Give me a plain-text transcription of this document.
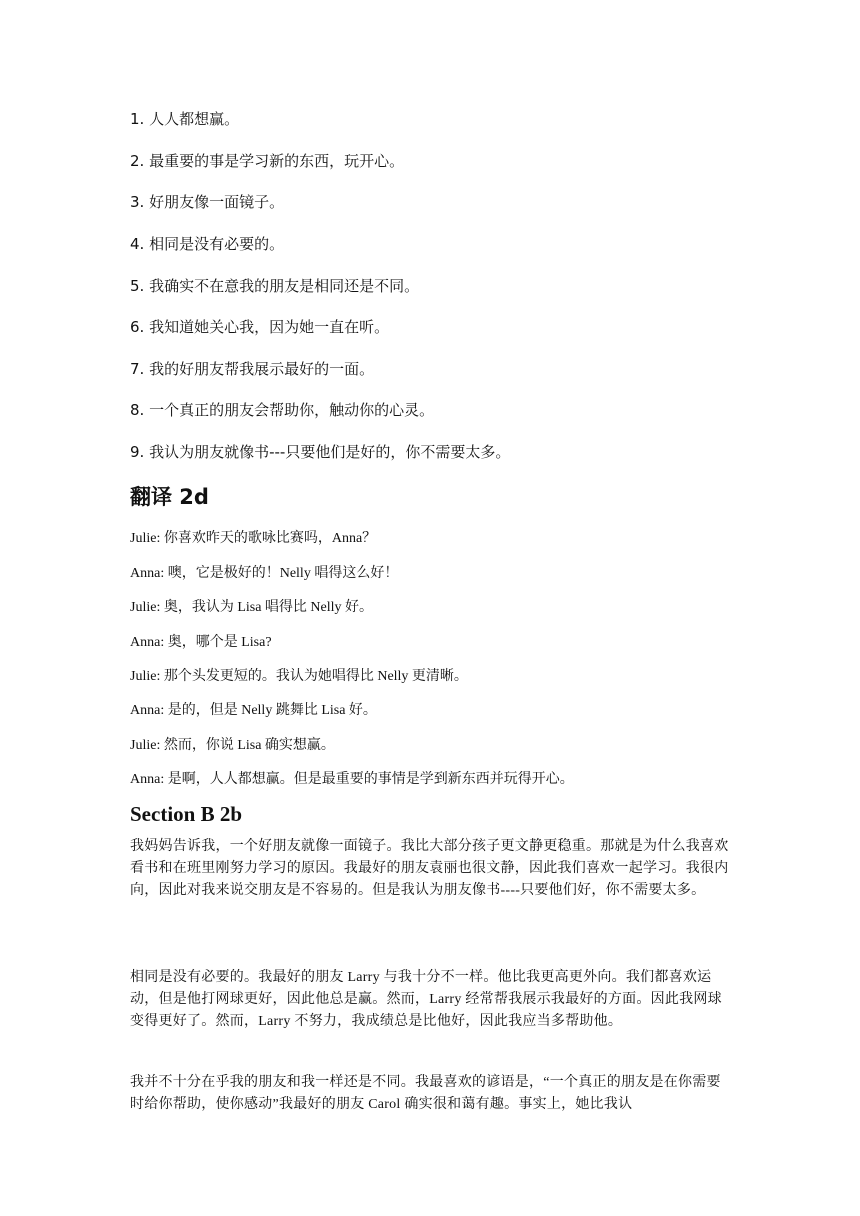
1. 人人都想赢。

2. 最重要的事是学习新的东西，玩开心。

3. 好朋友像一面镜子。

4. 相同是没有必要的。

5. 我确实不在意我的朋友是相同还是不同。

6. 我知道她关心我，因为她一直在听。

7. 我的好朋友帮我展示最好的一面。

8. 一个真正的朋友会帮助你，触动你的心灵。

9. 我认为朋友就像书---只要他们是好的，你不需要太多。

翻译 2d

Julie: 你喜欢昨天的歌咏比赛吗，Anna？

Anna: 噢，它是极好的！Nelly 唱得这么好！

Julie: 奥，我认为 Lisa 唱得比 Nelly 好。

Anna: 奥，哪个是 Lisa?

Julie: 那个头发更短的。我认为她唱得比 Nelly 更清晰。

Anna: 是的，但是 Nelly 跳舞比 Lisa 好。

Julie: 然而，你说 Lisa 确实想赢。

Anna: 是啊，人人都想赢。但是最重要的事情是学到新东西并玩得开心。

Section B 2b

我妈妈告诉我，一个好朋友就像一面镜子。我比大部分孩子更文静更稳重。那就是为什么我喜欢看书和在班里刚努力学习的原因。我最好的朋友袁丽也很文静，因此我们喜欢一起学习。我很内向，因此对我来说交朋友是不容易的。但是我认为朋友像书----只要他们好，你不需要太多。

相同是没有必要的。我最好的朋友 Larry 与我十分不一样。他比我更高更外向。我们都喜欢运动，但是他打网球更好，因此他总是赢。然而，Larry 经常帮我展示我最好的方面。因此我网球变得更好了。然而，Larry 不努力，我成绩总是比他好，因此我应当多帮助他。

我并不十分在乎我的朋友和我一样还是不同。我最喜欢的谚语是，“一个真正的朋友是在你需要时给你帮助，使你感动”我最好的朋友 Carol 确实很和蔼有趣。事实上，她比我认
